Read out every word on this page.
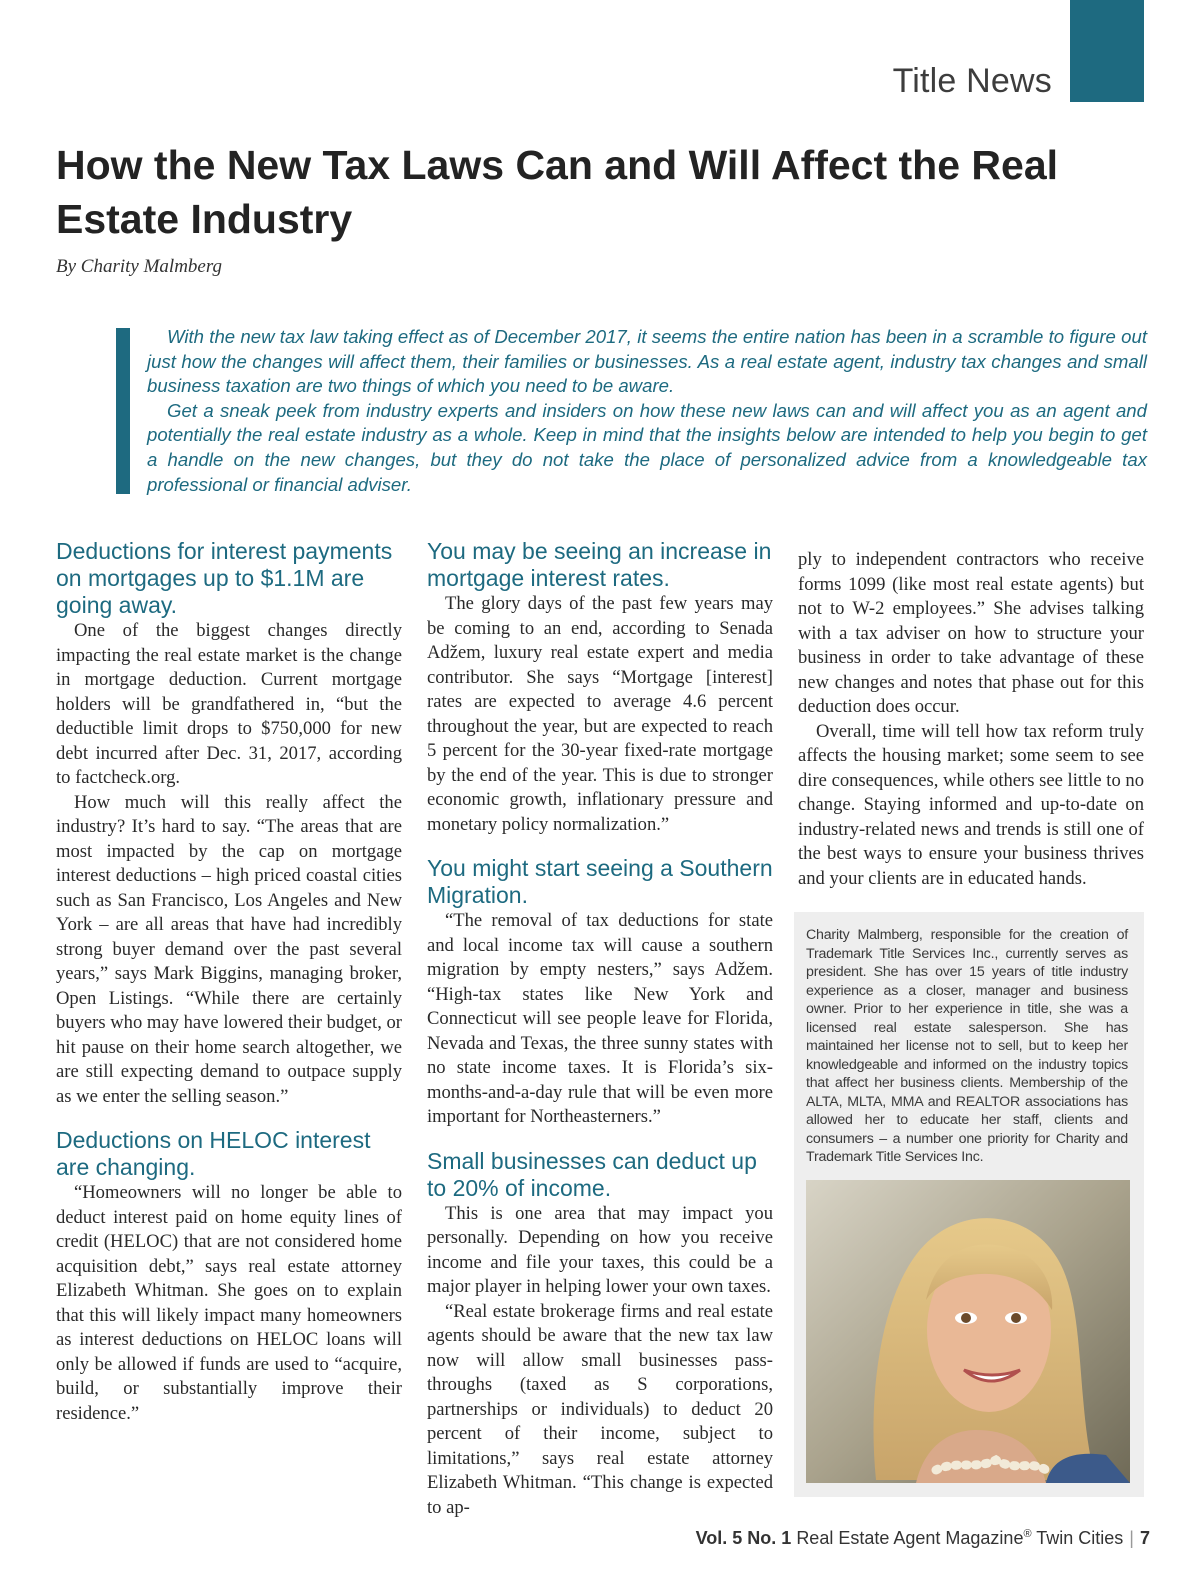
Title News
How the New Tax Laws Can and Will Affect the Real Estate Industry
By Charity Malmberg

With the new tax law taking effect as of December 2017, it seems the entire nation has been in a scramble to figure out just how the changes will affect them, their families or businesses. As a real estate agent, industry tax changes and small business taxation are two things of which you need to be aware.

Get a sneak peek from industry experts and insiders on how these new laws can and will affect you as an agent and potentially the real estate industry as a whole. Keep in mind that the insights below are intended to help you begin to get a handle on the new changes, but they do not take the place of personalized advice from a knowledgeable tax professional or financial adviser.

Deductions for interest payments on mortgages up to $1.1M are going away.

One of the biggest changes directly impacting the real estate market is the change in mortgage deduction. Current mortgage holders will be grandfathered in, “but the deductible limit drops to $750,000 for new debt incurred after Dec. 31, 2017, according to factcheck.org.

How much will this really affect the industry? It’s hard to say. “The areas that are most impacted by the cap on mortgage interest deductions – high priced coastal cities such as San Francisco, Los Angeles and New York – are all areas that have had incredibly strong buyer demand over the past several years,” says Mark Biggins, managing broker, Open Listings. “While there are certainly buyers who may have lowered their budget, or hit pause on their home search altogether, we are still expecting demand to outpace supply as we enter the selling season.”

Deductions on HELOC interest are changing.

“Homeowners will no longer be able to deduct interest paid on home equity lines of credit (HELOC) that are not considered home acquisition debt,” says real estate attorney Elizabeth Whitman. She goes on to explain that this will likely impact many homeowners as interest deductions on HELOC loans will only be allowed if funds are used to “acquire, build, or substantially improve their residence.”

You may be seeing an increase in mortgage interest rates.

The glory days of the past few years may be coming to an end, according to Senada Adžem, luxury real estate expert and media contributor. She says “Mortgage [interest] rates are expected to average 4.6 percent throughout the year, but are expected to reach 5 percent for the 30-year fixed-rate mortgage by the end of the year. This is due to stronger economic growth, inflationary pressure and monetary policy normalization.”

You might start seeing a Southern Migration.

“The removal of tax deductions for state and local income tax will cause a southern migration by empty nesters,” says Adžem. “High-tax states like New York and Connecticut will see people leave for Florida, Nevada and Texas, the three sunny states with no state income taxes. It is Florida’s six-months-and-a-day rule that will be even more important for Northeasterners.”

Small businesses can deduct up to 20% of income.

This is one area that may impact you personally. Depending on how you receive income and file your taxes, this could be a major player in helping lower your own taxes.

“Real estate brokerage firms and real estate agents should be aware that the new tax law now will allow small businesses pass-throughs (taxed as S corporations, partnerships or individuals) to deduct 20 percent of their income, subject to limitations,” says real estate attorney Elizabeth Whitman. “This change is expected to ap-

ply to independent contractors who receive forms 1099 (like most real estate agents) but not to W-2 employees.” She advises talking with a tax adviser on how to structure your business in order to take advantage of these new changes and notes that phase out for this deduction does occur.

Overall, time will tell how tax reform truly affects the housing market; some seem to see dire consequences, while others see little to no change. Staying informed and up-to-date on industry-related news and trends is still one of the best ways to ensure your business thrives and your clients are in educated hands.

Charity Malmberg, responsible for the creation of Trademark Title Services Inc., currently serves as president. She has over 15 years of title industry experience as a closer, manager and business owner. Prior to her experience in title, she was a licensed real estate salesperson. She has maintained her license not to sell, but to keep her knowledgeable and informed on the industry topics that affect her business clients. Membership of the ALTA, MLTA, MMA and REALTOR associations has allowed her to educate her staff, clients and consumers – a number one priority for Charity and Trademark Title Services Inc.
Vol. 5 No. 1 Real Estate Agent Magazine® Twin Cities | 7
